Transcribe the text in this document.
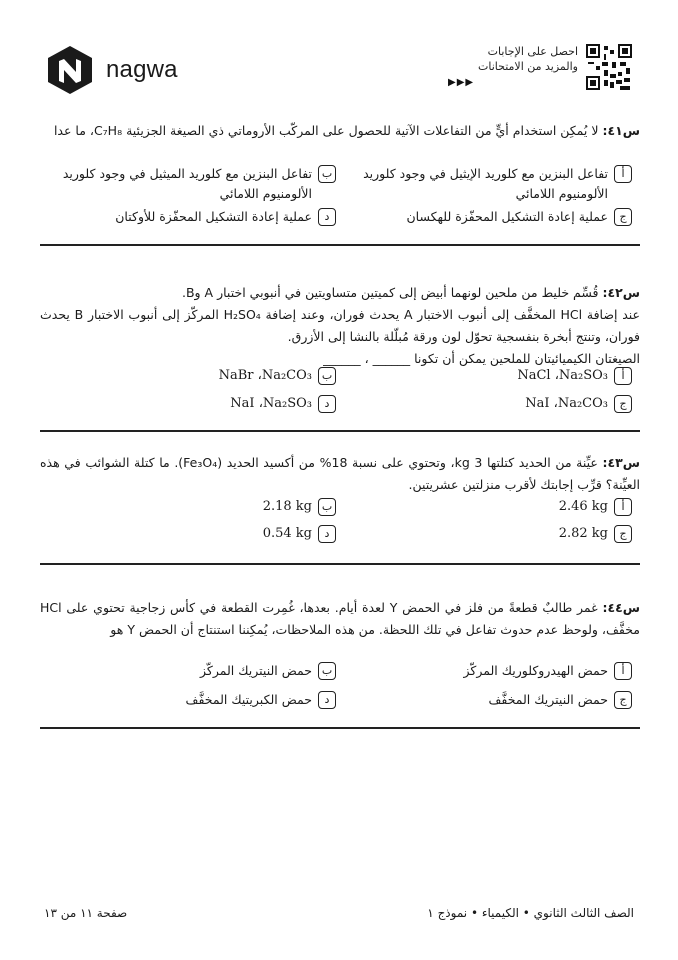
nagwa
احصل على الإجابات
والمزيد من الامتحانات
▶▶▶
س٤١: لا يُمكِن استخدام أيٍّ من التفاعلات الآتية للحصول على المركّب الأروماتي ذي الصيغة الجزيئية C₇H₈، ما عدا
أ
تفاعل البنزين مع كلوريد الإيثيل في وجود كلوريد الألومنيوم اللامائي
ب
تفاعل البنزين مع كلوريد الميثيل في وجود كلوريد الألومنيوم اللامائي
ج
عملية إعادة التشكيل المحفّزة للهكسان
د
عملية إعادة التشكيل المحفّزة للأوكتان
س٤٢: قُسِّم خليط من ملحين لونهما أبيض إلى كميتين متساويتين في أنبوبي اختبار A وB.
عند إضافة HCl المخفَّف إلى أنبوب الاختبار A يحدث فوران، وعند إضافة H₂SO₄ المركّز إلى أنبوب الاختبار B يحدث فوران، وتنتج أبخرة بنفسجية تحوّل لون ورقة مُبلّلة بالنشا إلى الأزرق.
الصيغتان الكيميائيتان للملحين يمكن أن تكونا ______ ، ______
أ
NaCl ،Na₂SO₃
ب
NaBr ،Na₂CO₃
ج
NaI ،Na₂CO₃
د
NaI ،Na₂SO₃
س٤٣: عيِّنة من الحديد كتلتها 3 kg، وتحتوي على نسبة 18% من أكسيد الحديد (Fe₃O₄). ما كتلة الشوائب في هذه العيِّنة؟ قرِّب إجابتك لأقرب منزلتين عشريتين.
أ
2.46 kg
ب
2.18 kg
ج
2.82 kg
د
0.54 kg
س٤٤: غمر طالبٌ قطعةً من فلز في الحمض Y لعدة أيام. بعدها، غُمِرت القطعة في كأس زجاجية تحتوي على HCl مخفَّف، ولوحظ عدم حدوث تفاعل في تلك اللحظة. من هذه الملاحظات، يُمكِننا استنتاج أن الحمض Y هو
أ
حمض الهيدروكلوريك المركّز
ب
حمض النيتريك المركّز
ج
حمض النيتريك المخفَّف
د
حمض الكبريتيك المخفَّف
صفحة ١١ من ١٣	الصف الثالث الثانوي • الكيمياء • نموذج ١
